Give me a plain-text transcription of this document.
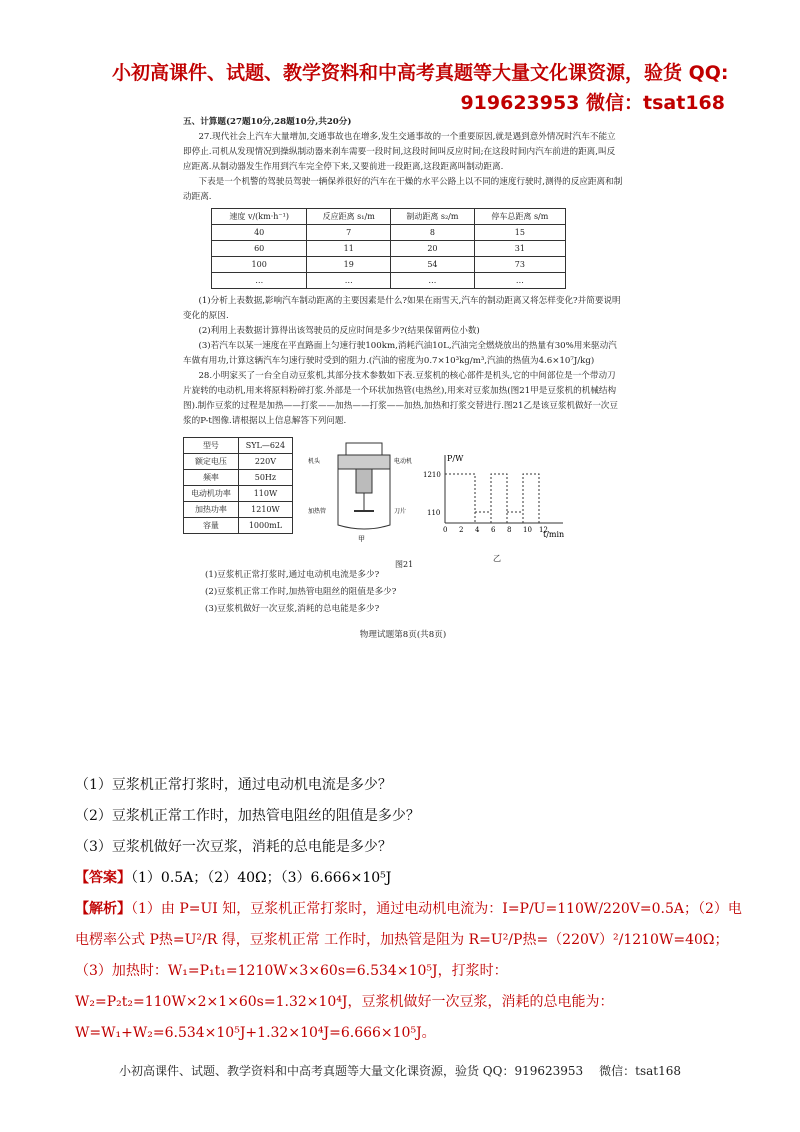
小初高课件、试题、教学资料和中高考真题等大量文化课资源，验货 QQ:
919623953 微信：tsat168

五、计算题(27题10分,28题10分,共20分)

27.现代社会上汽车大量增加,交通事故也在增多,发生交通事故的一个重要原因,就是遇到意外情况时汽车不能立即停止.司机从发现情况到操纵制动器来刹车需要一段时间,这段时间叫反应时间;在这段时间内汽车前进的距离,叫反应距离.从制动器发生作用到汽车完全停下来,又要前进一段距离,这段距离叫制动距离.

下表是一个机警的驾驶员驾驶一辆保养很好的汽车在干燥的水平公路上以不同的速度行驶时,测得的反应距离和制动距离.

速度 v/(km·h⁻¹)	反应距离 s₁/m	制动距离 s₂/m	停车总距离 s/m
40	7	8	15
60	11	20	31
100	19	54	73
…	…	…	…

(1)分析上表数据,影响汽车制动距离的主要因素是什么?如果在雨雪天,汽车的制动距离又将怎样变化?并简要说明变化的原因.

(2)利用上表数据计算得出该驾驶员的反应时间是多少?(结果保留两位小数)

(3)若汽车以某一速度在平直路面上匀速行驶100km,消耗汽油10L,汽油完全燃烧放出的热量有30%用来驱动汽车做有用功,计算这辆汽车匀速行驶时受到的阻力.(汽油的密度为0.7×10³kg/m³,汽油的热值为4.6×10⁷J/kg)

28.小明家买了一台全自动豆浆机,其部分技术参数如下表.豆浆机的核心部件是机头,它的中间部位是一个带动刀片旋转的电动机,用来将原料粉碎打浆.外部是一个环状加热管(电热丝),用来对豆浆加热(图21甲是豆浆机的机械结构图).制作豆浆的过程是加热——打浆——加热——打浆——加热,加热和打浆交替进行.图21乙是该豆浆机做好一次豆浆的P-t图像.请根据以上信息解答下列问题.

型号	SYL—624
额定电压	220V
频率	50Hz
电动机功率	110W
加热功率	1210W
容量	1000mL
机头	电动机
加热管	刀片
甲
P/W
t/min
1210
110
0 2 4 6 8 10 12
乙
图21

(1)豆浆机正常打浆时,通过电动机电流是多少?

(2)豆浆机正常工作时,加热管电阻丝的阻值是多少?

(3)豆浆机做好一次豆浆,消耗的总电能是多少?

物理试题第8页(共8页)

（1）豆浆机正常打浆时，通过电动机电流是多少？

（2）豆浆机正常工作时，加热管电阻丝的阻值是多少？

（3）豆浆机做好一次豆浆，消耗的总电能是多少？

【答案】（1）0.5A；（2）40Ω；（3）6.666×10⁵J

【解析】（1）由 P=UI 知，豆浆机正常打浆时，通过电动机电流为：I=P/U=110W/220V=0.5A；（2）电电楞率公式 P热=U²/R 得，豆浆机正常 工作时，加热管是阻为 R=U²/P热=（220V）²/1210W=40Ω；（3）加热时：W₁=P₁t₁=1210W×3×60s=6.534×10⁵J，打浆时：W₂=P₂t₂=110W×2×1×60s=1.32×10⁴J，豆浆机做好一次豆浆，消耗的总电能为：W=W₁+W₂=6.534×10⁵J+1.32×10⁴J=6.666×10⁵J。

小初高课件、试题、教学资料和中高考真题等大量文化课资源，验货 QQ：919623953 微信：tsat168
